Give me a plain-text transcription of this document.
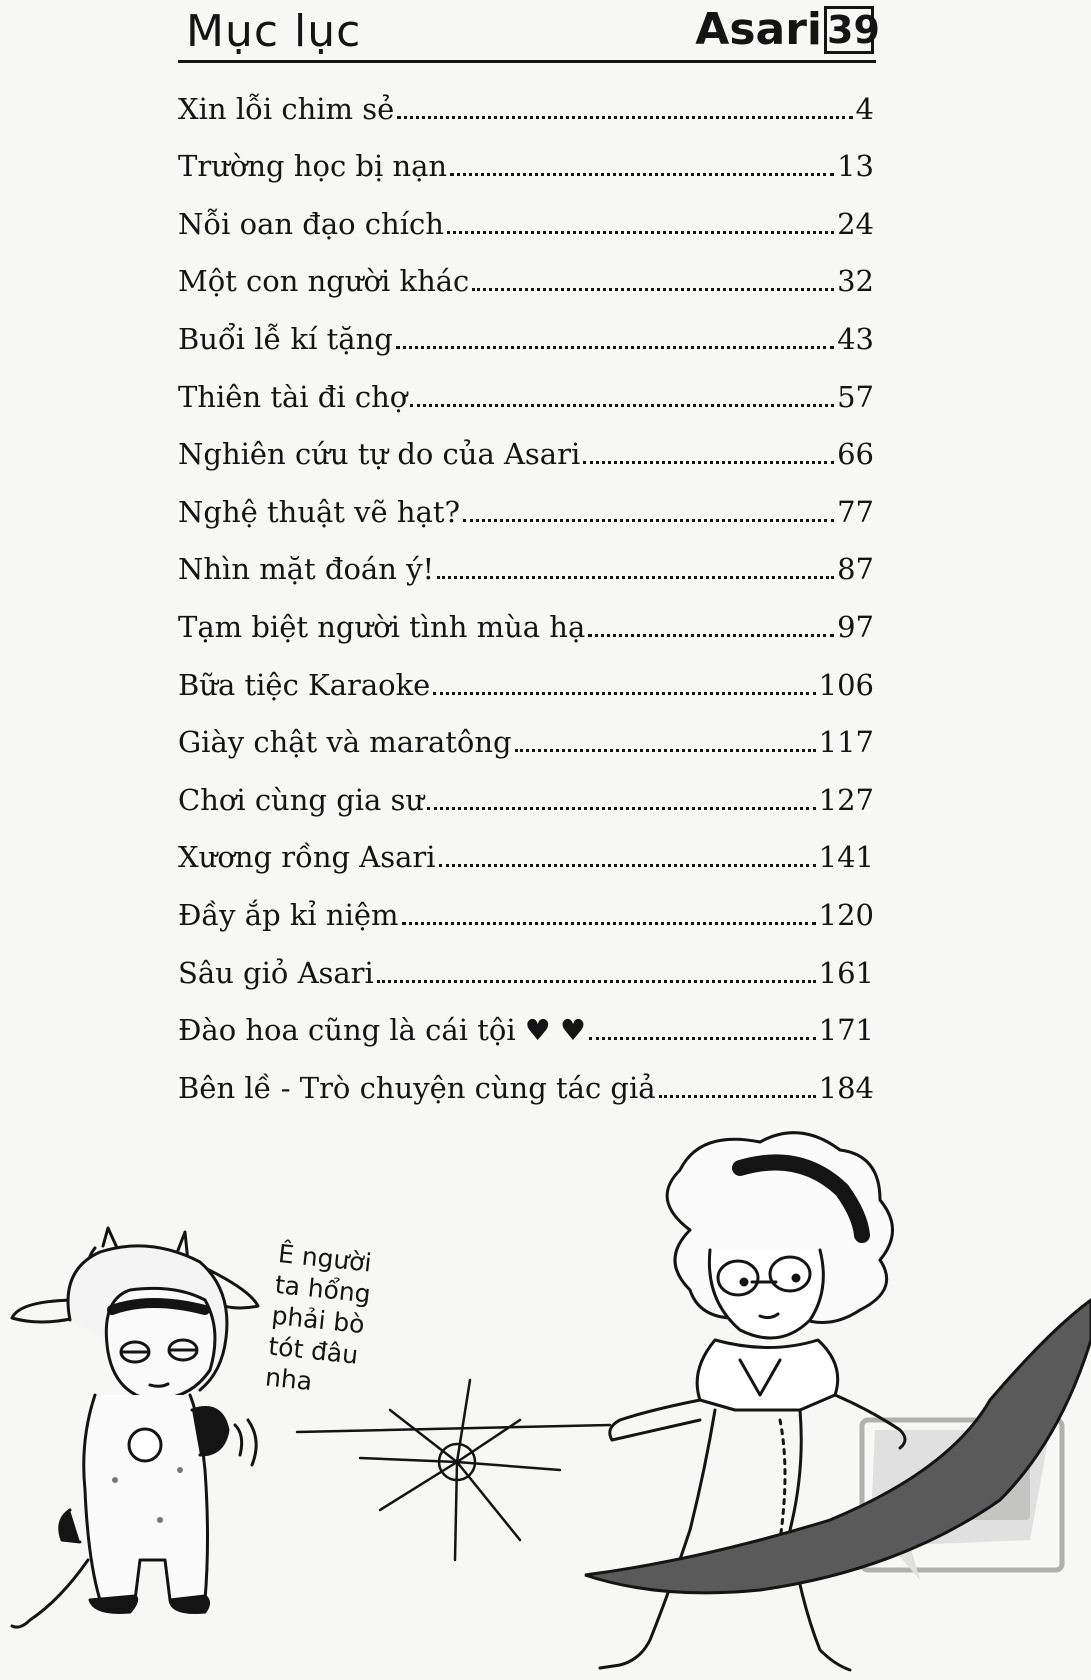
Mục lục	Asari 39
Xin lỗi chim sẻ	4
Trường học bị nạn	13
Nỗi oan đạo chích	24
Một con người khác	32
Buổi lễ kí tặng	43
Thiên tài đi chợ	57
Nghiên cứu tự do của Asari	66
Nghệ thuật vẽ hạt?	77
Nhìn mặt đoán ý!	87
Tạm biệt người tình mùa hạ	97
Bữa tiệc Karaoke	106
Giày chật và maratông	117
Chơi cùng gia sư	127
Xương rồng Asari	141
Đầy ắp kỉ niệm	120
Sâu giỏ Asari	161
Đào hoa cũng là cái tội ♥ ♥	171
Bên lề - Trò chuyện cùng tác giả	184
Ê người
ta hổng
phải bò
tót đâu
nha
